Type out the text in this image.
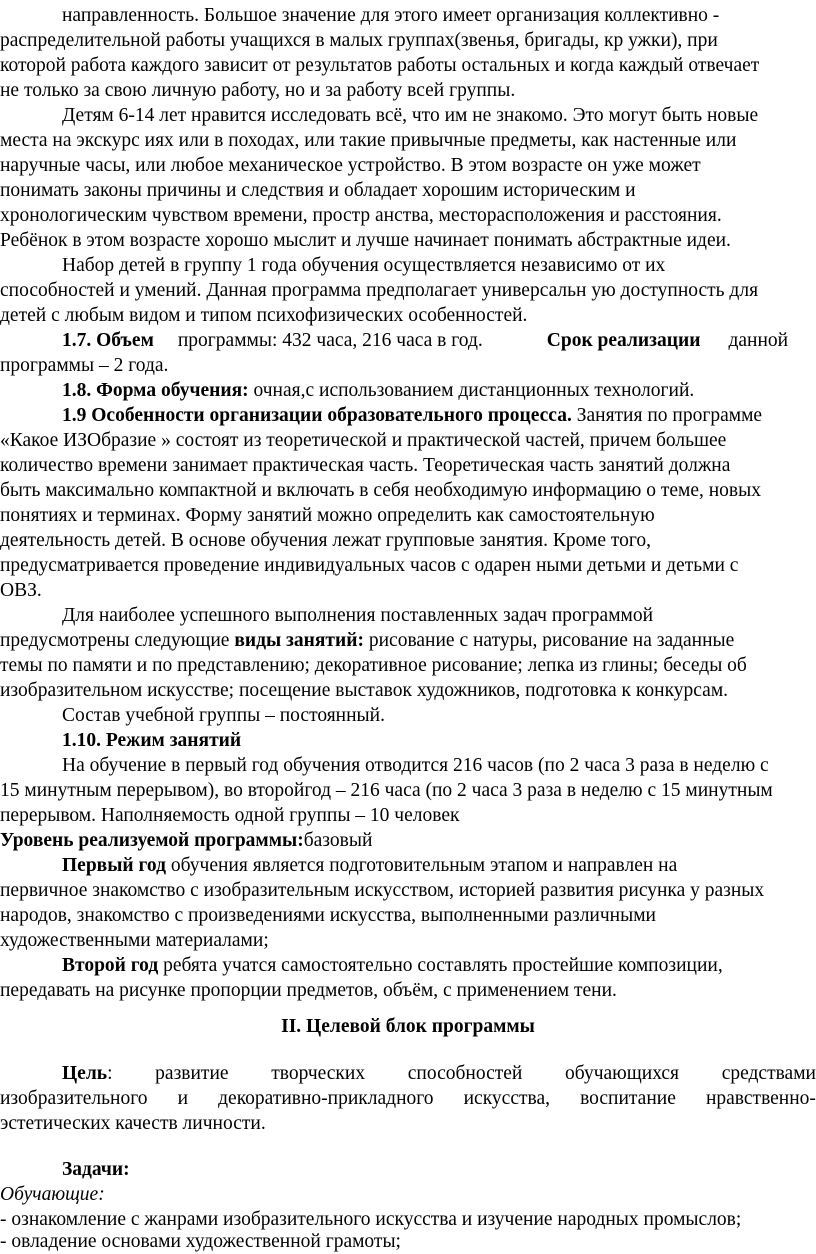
направленность. Большое значение для этого имеет организация коллективно -
распределительной работы учащихся в малых группах(звенья, бригады, кр ужки), при
которой работа каждого зависит от результатов работы остальных и когда каждый отвечает
не только за свою личную работу, но и за работу всей группы.
Детям 6-14 лет нравится исследовать всё, что им не знакомо. Это могут быть новые
места на экскурс иях или в походах, или такие привычные предметы, как настенные или
наручные часы, или любое механическое устройство. В этом возрасте он уже может
понимать законы причины и следствия и обладает хорошим историческим и
хронологическим чувством времени, простр анства, месторасположения и расстояния.
Ребёнок в этом возрасте хорошо мыслит и лучше начинает понимать абстрактные идеи.
Набор детей в группу 1 года обучения осуществляется независимо от их
способностей и умений. Данная программа предполагает универсальн ую доступность для
детей с любым видом и типом психофизических особенностей.
1.7. Объем программы: 432 часа, 216 часа в год.	Срок реализации данной
программы – 2 года.
1.8. Форма обучения: очная,с использованием дистанционных технологий.
1.9 Особенности организации образовательного процесса. Занятия по программе
«Какое ИЗОбразие » состоят из теоретической и практической частей, причем большее
количество времени занимает практическая часть. Теоретическая часть занятий должна
быть максимально компактной и включать в себя необходимую информацию о теме, новых
понятиях и терминах. Форму занятий можно определить как самостоятельную
деятельность детей. В основе обучения лежат групповые занятия. Кроме того,
предусматривается проведение индивидуальных часов с одарен ными детьми и детьми с
ОВЗ.
Для наиболее успешного выполнения поставленных задач программой
предусмотрены следующие виды занятий: рисование с натуры, рисование на заданные
темы по памяти и по представлению; декоративное рисование; лепка из глины; беседы об
изобразительном искусстве; посещение выставок художников, подготовка к конкурсам.
Состав учебной группы – постоянный.
1.10. Режим занятий
На обучение в первый год обучения отводится 216 часов (по 2 часа 3 раза в неделю с
15 минутным перерывом), во второйгод – 216 часа (по 2 часа 3 раза в неделю с 15 минутным
перерывом. Наполняемость одной группы – 10 человек
Уровень реализуемой программы:базовый
Первый год обучения является подготовительным этапом и направлен на
первичное знакомство с изобразительным искусством, историей развития рисунка у разных
народов, знакомство с произведениями искусства, выполненными различными
художественными материалами;
Второй год ребята учатся самостоятельно составлять простейшие композиции,
передавать на рисунке пропорции предметов, объём, с применением тени.
II. Целевой блок программы
Цель: развитие творческих способностей обучающихся средствами
изобразительного и декоративно-прикладного искусства, воспитание нравственно-
эстетических качеств личности.
Задачи:
Обучающие:
- ознакомление с жанрами изобразительного искусства и изучение народных промыслов;
- овладение основами художественной грамоты;
